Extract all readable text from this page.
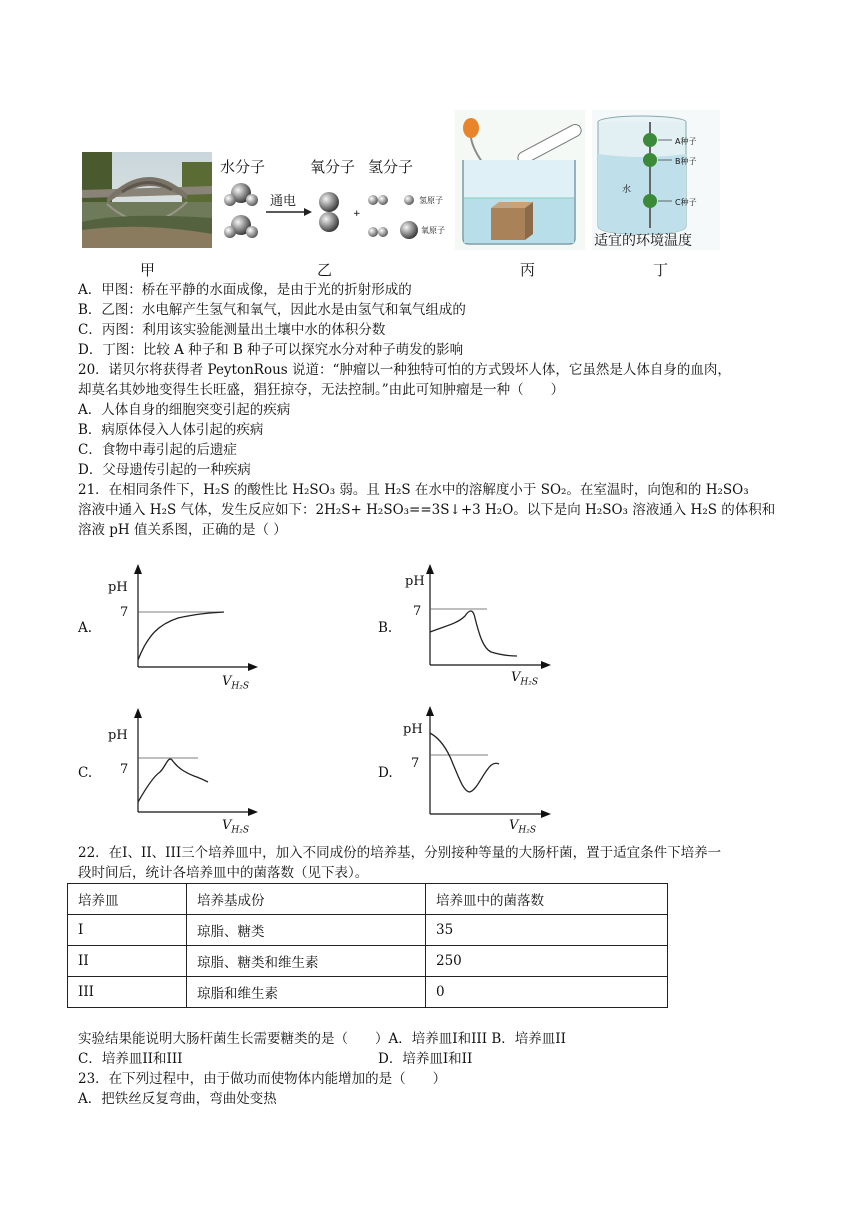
甲
水分子	氧分子 氢分子
通电
+
氢原子
氧原子
乙	丙
A种子
B种子
C种子
水
适宜的环境温度
丁
A．甲图：桥在平静的水面成像，是由于光的折射形成的
B．乙图：水电解产生氢气和氧气，因此水是由氢气和氧气组成的
C．丙图：利用该实验能测量出土壤中水的体积分数
D．丁图：比较 A 种子和 B 种子可以探究水分对种子萌发的影响
20．诺贝尔将获得者 PeytonRous 说道：“肿瘤以一种独特可怕的方式毁坏人体，它虽然是人体自身的血肉，
却莫名其妙地变得生长旺盛，猖狂掠夺，无法控制。”由此可知肿瘤是一种（　　）
A．人体自身的细胞突变引起的疾病
B．病原体侵入人体引起的疾病
C．食物中毒引起的后遗症
D．父母遗传引起的一种疾病
21．在相同条件下，H₂S 的酸性比 H₂SO₃ 弱。且 H₂S 在水中的溶解度小于 SO₂。在室温时，向饱和的 H₂SO₃
溶液中通入 H₂S 气体，发生反应如下：2H₂S+ H₂SO₃==3S↓+3 H₂O。以下是向 H₂SO₃ 溶液通入 H₂S 的体积和
溶液 pH 值关系图，正确的是（ ）
A.
pH
7
$V_{H_2S}$
B.
pH
7
$V_{H_2S}$
C.
pH
7
$V_{H_2S}$
D.
pH
7
$V_{H_2S}$
22．在I、II、III三个培养皿中，加入不同成份的培养基，分别接种等量的大肠杆菌，置于适宜条件下培养一
段时间后，统计各培养皿中的菌落数（见下表）。
培养皿	培养基成份	培养皿中的菌落数
I	琼脂、糖类	35
II	琼脂、糖类和维生素	250
III	琼脂和维生素	0
实验结果能说明大肠杆菌生长需要糖类的是（　　）A．培养皿I和III B．培养皿II
C．培养皿II和III	D．培养皿I和II
23．在下列过程中，由于做功而使物体内能增加的是（　　）
A．把铁丝反复弯曲，弯曲处变热
